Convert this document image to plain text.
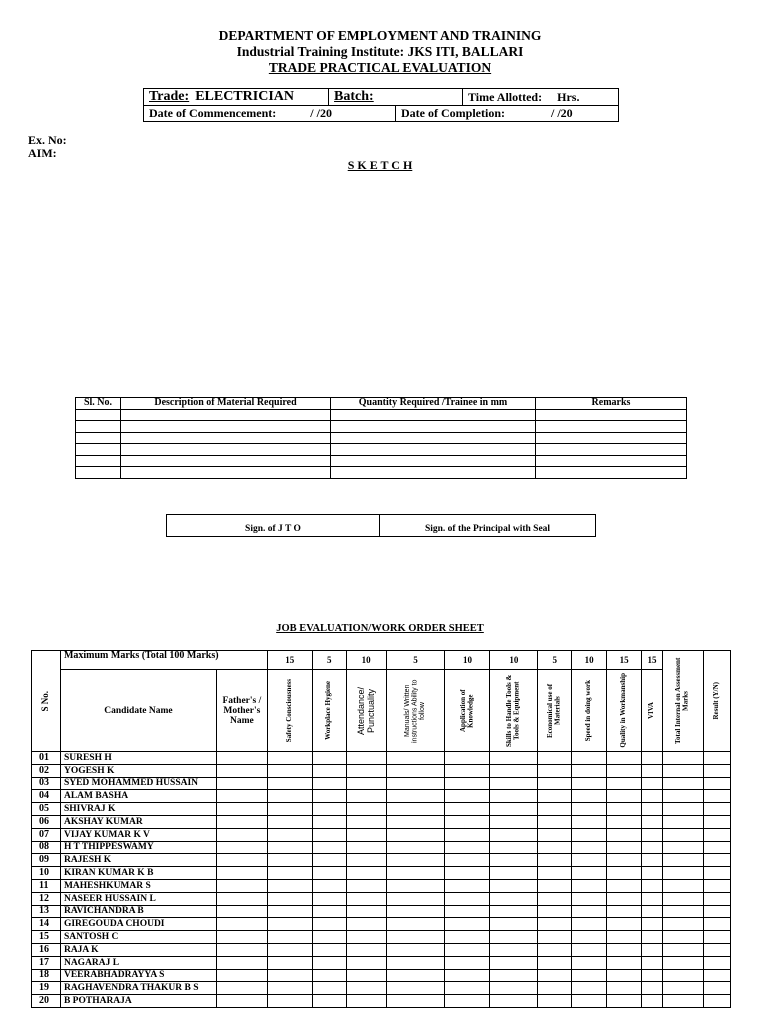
DEPARTMENT OF EMPLOYMENT AND TRAINING
Industrial Training Institute: JKS ITI, BALLARI
TRADE PRACTICAL EVALUATION
Trade: ELECTRICIAN	Batch:		Time Allotted: Hrs.
Date of Commencement: / /20		Date of Completion: / /20	
Ex. No:
AIM:
S K E T C H
Sl. No.	Description of Material Required	Quantity Required /Trainee in mm	Remarks

Sign. of J T O	Sign. of the Principal with Seal
JOB EVALUATION/WORK ORDER SHEET
S No.	Maximum Marks (Total 100 Marks)		15	5	10	5	10	10	5	10	15	15	Total Internal on Assessment Marks	Result (Y/N)

	Candidate Name	Father's / Mother's Name	Safety Consciousness	Workplace Hygiene	Attendance/ Punctuality	Manuals/ Written instructions Ability to follow	Application of Knowledge	Skills to Handle Tools & Tools & Equipment	Economical use of Materials	Speed in doing work	Quality in Workmanship	VIVA		

01	SURESH H													
02	YOGESH K													
03	SYED MOHAMMED HUSSAIN													
04	ALAM BASHA													
05	SHIVRAJ K													
06	AKSHAY KUMAR													
07	VIJAY KUMAR K V													
08	H T THIPPESWAMY													
09	RAJESH K													
10	KIRAN KUMAR K B													
11	MAHESHKUMAR S													
12	NASEER HUSSAIN L													
13	RAVICHANDRA B													
14	GIREGOUDA CHOUDI													
15	SANTOSH C													
16	RAJA K													
17	NAGARAJ L													
18	VEERABHADRAYYA S													
19	RAGHAVENDRA THAKUR B S													
20	B POTHARAJA													
